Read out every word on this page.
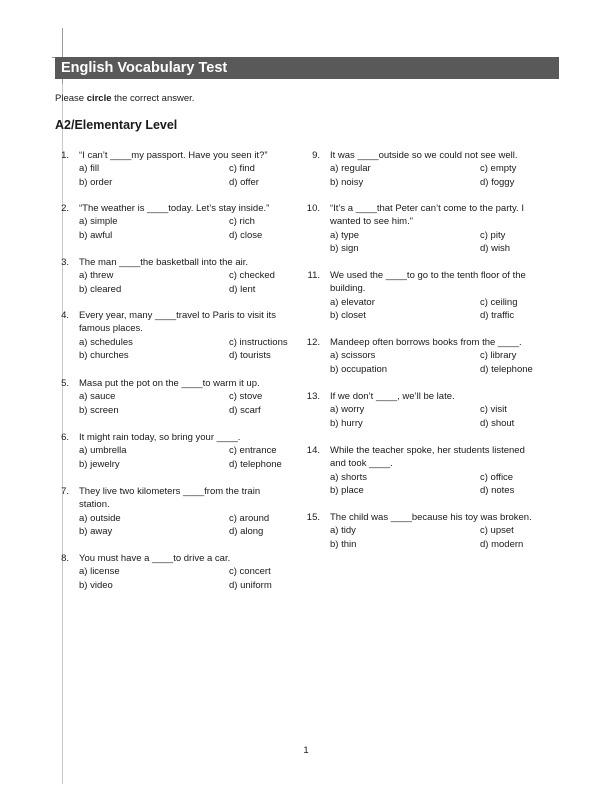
English Vocabulary Test
Please circle the correct answer.
A2/Elementary Level
1. “I can’t ____my passport. Have you seen it?”
a) fill	c) find
b) order	d) offer
2. “The weather is ____today. Let’s stay inside.”
a) simple	c) rich
b) awful	d) close
3. The man ____the basketball into the air.
a) threw	c) checked
b) cleared	d) lent
4. Every year, many ____travel to Paris to visit its
famous places.
a) schedules	c) instructions
b) churches	d) tourists
5. Masa put the pot on the ____to warm it up.
a) sauce	c) stove
b) screen	d) scarf
6. It might rain today, so bring your ____.
a) umbrella	c) entrance
b) jewelry	d) telephone
7. They live two kilometers ____from the train
station.
a) outside	c) around
b) away	d) along
8. You must have a ____to drive a car.
a) license	c) concert
b) video	d) uniform
9. It was ____outside so we could not see well.
a) regular	c) empty
b) noisy	d) foggy
10. “It’s a ____that Peter can’t come to the party. I
wanted to see him.”
a) type	c) pity
b) sign	d) wish
11. We used the ____to go to the tenth floor of the
building.
a) elevator	c) ceiling
b) closet	d) traffic
12. Mandeep often borrows books from the ____.
a) scissors	c) library
b) occupation	d) telephone
13. If we don’t ____, we’ll be late.
a) worry	c) visit
b) hurry	d) shout
14. While the teacher spoke, her students listened
and took ____.
a) shorts	c) office
b) place	d) notes
15. The child was ____because his toy was broken.
a) tidy	c) upset
b) thin	d) modern
1
